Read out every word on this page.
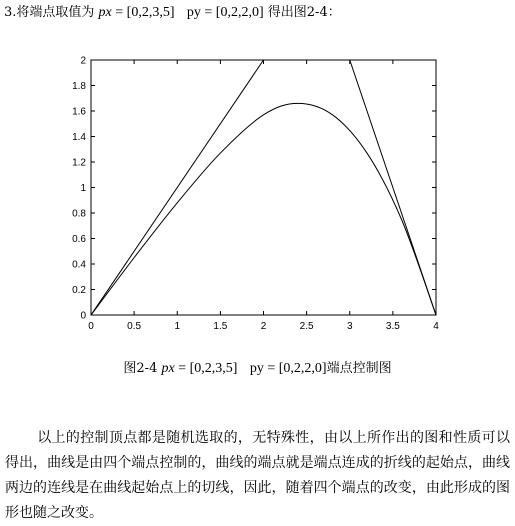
3.将端点取值为 px = [0,2,3,5] py = [0,2,2,0] 得出图2-4：
0	0.5	1	1.5	2	2.5	3	3.5	4
0
0.2
0.4
0.6
0.8
1
1.2
1.4
1.6
1.8
2
图2-4 px = [0,2,3,5] py = [0,2,2,0]端点控制图

以上的控制顶点都是随机选取的，无特殊性，由以上所作出的图和性质可以得出，曲线是由四个端点控制的，曲线的端点就是端点连成的折线的起始点，曲线两边的连线是在曲线起始点上的切线，因此，随着四个端点的改变，由此形成的图形也随之改变。
